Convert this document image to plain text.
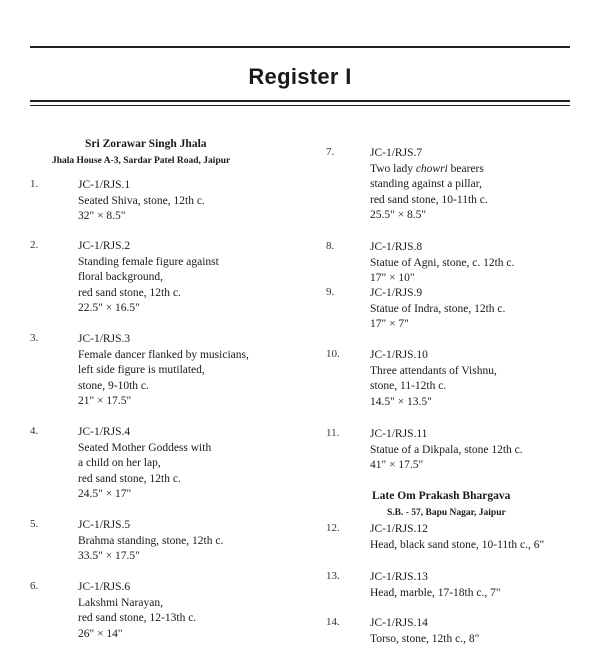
Register I
Sri Zorawar Singh Jhala
Jhala House A-3, Sardar Patel Road, Jaipur
Late Om Prakash Bhargava
S.B. - 57, Bapu Nagar, Jaipur
1.	JC-1/RJS.1
Seated Shiva, stone, 12th c.
32" × 8.5"
2.	JC-1/RJS.2
Standing female figure against
floral background,
red sand stone, 12th c.
22.5" × 16.5"
3.	JC-1/RJS.3
Female dancer flanked by musicians,
left side figure is mutilated,
stone, 9-10th c.
21" × 17.5"
4.	JC-1/RJS.4
Seated Mother Goddess with
a child on her lap,
red sand stone, 12th c.
24.5" × 17"
5.	JC-1/RJS.5
Brahma standing, stone, 12th c.
33.5" × 17.5"
6.	JC-1/RJS.6
Lakshmi Narayan,
red sand stone, 12-13th c.
26" × 14"
7.	JC-1/RJS.7
Two lady chowri bearers
standing against a pillar,
red sand stone, 10-11th c.
25.5" × 8.5"
8.	JC-1/RJS.8
Statue of Agni, stone, c. 12th c.
17" × 10"
9.	JC-1/RJS.9
Statue of Indra, stone, 12th c.
17" × 7"
10.	JC-1/RJS.10
Three attendants of Vishnu,
stone, 11-12th c.
14.5" × 13.5"
11.	JC-1/RJS.11
Statue of a Dikpala, stone 12th c.
41" × 17.5"
12.	JC-1/RJS.12
Head, black sand stone, 10-11th c., 6"
13.	JC-1/RJS.13
Head, marble, 17-18th c., 7"
14.	JC-1/RJS.14
Torso, stone, 12th c., 8"
